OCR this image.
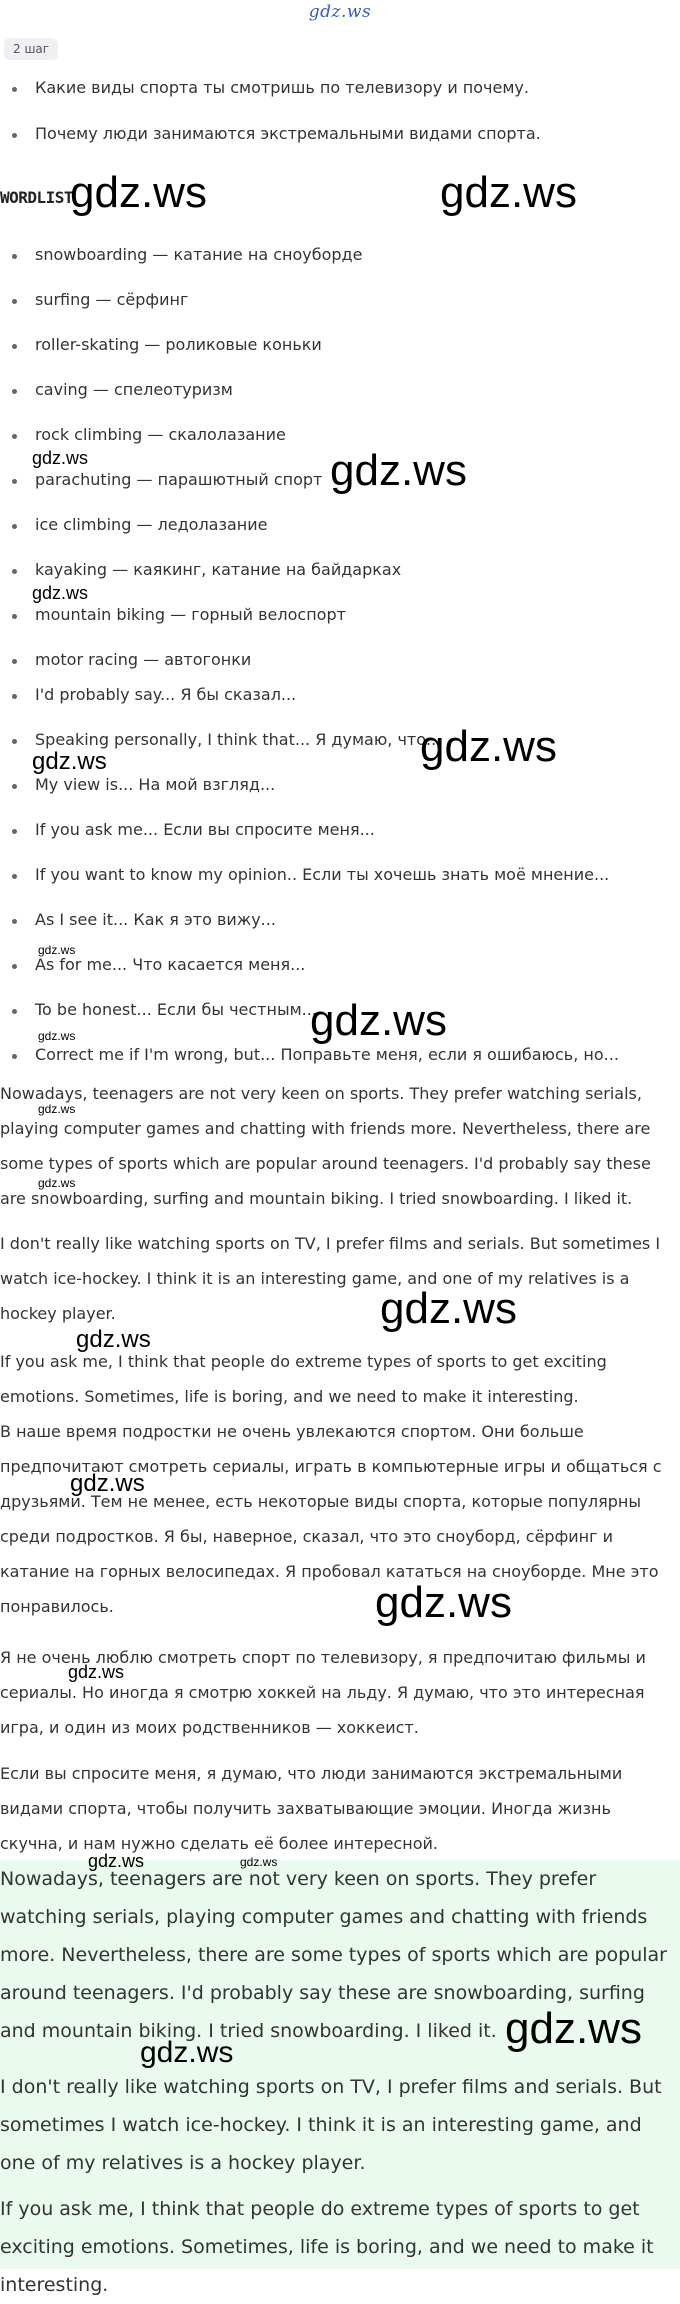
gdz.ws
2 шаг
Какие виды спорта ты смотришь по телевизору и почему.
Почему люди занимаются экстремальными видами спорта.
WORDLIST
snowboarding — катание на сноуборде
surfing — сёрфинг
roller-skating — роликовые коньки
caving — спелеотуризм
rock climbing — скалолазание
parachuting — парашютный спорт
ice climbing — ледолазание
kayaking — каякинг, катание на байдарках
mountain biking — горный велоспорт
motor racing — автогонки
I'd probably say... Я бы сказал...
Speaking personally, I think that... Я думаю, что...
My view is... На мой взгляд...
If you ask me... Если вы спросите меня...
If you want to know my opinion.. Если ты хочешь знать моё мнение...
As I see it... Как я это вижу...
As for me... Что касается меня...
To be honest... Если бы честным...
Correct me if I'm wrong, but... Поправьте меня, если я ошибаюсь, но...
Nowadays, teenagers are not very keen on sports. They prefer watching serials, playing computer games and chatting with friends more. Nevertheless, there are some types of sports which are popular around teenagers. I'd probably say these are snowboarding, surfing and mountain biking. I tried snowboarding. I liked it.
I don't really like watching sports on TV, I prefer films and serials. But sometimes I watch ice-hockey. I think it is an interesting game, and one of my relatives is a hockey player.
If you ask me, I think that people do extreme types of sports to get exciting emotions. Sometimes, life is boring, and we need to make it interesting.
В наше время подростки не очень увлекаются спортом. Они больше предпочитают смотреть сериалы, играть в компьютерные игры и общаться с друзьями. Тем не менее, есть некоторые виды спорта, которые популярны среди подростков. Я бы, наверное, сказал, что это сноуборд, сёрфинг и катание на горных велосипедах. Я пробовал кататься на сноуборде. Мне это понравилось.
Я не очень люблю смотреть спорт по телевизору, я предпочитаю фильмы и сериалы. Но иногда я смотрю хоккей на льду. Я думаю, что это интересная игра, и один из моих родственников — хоккеист.
Если вы спросите меня, я думаю, что люди занимаются экстремальными видами спорта, чтобы получить захватывающие эмоции. Иногда жизнь скучна, и нам нужно сделать её более интересной.
Nowadays, teenagers are not very keen on sports. They prefer watching serials, playing computer games and chatting with friends more. Nevertheless, there are some types of sports which are popular around teenagers. I'd probably say these are snowboarding, surfing and mountain biking. I tried snowboarding. I liked it.
I don't really like watching sports on TV, I prefer films and serials. But sometimes I watch ice-hockey. I think it is an interesting game, and one of my relatives is a hockey player.
If you ask me, I think that people do extreme types of sports to get exciting emotions. Sometimes, life is boring, and we need to make it interesting.
gdz.ws	gdz.ws
gdz.ws	gdz.ws
gdz.ws
gdz.ws
gdz.ws
gdz.ws
gdz.ws
gdz.ws
gdz.ws
gdz.ws
gdz.ws
gdz.ws
gdz.ws
gdz.ws
gdz.ws
gdz.ws	gdz.ws
gdz.ws
gdz.ws
